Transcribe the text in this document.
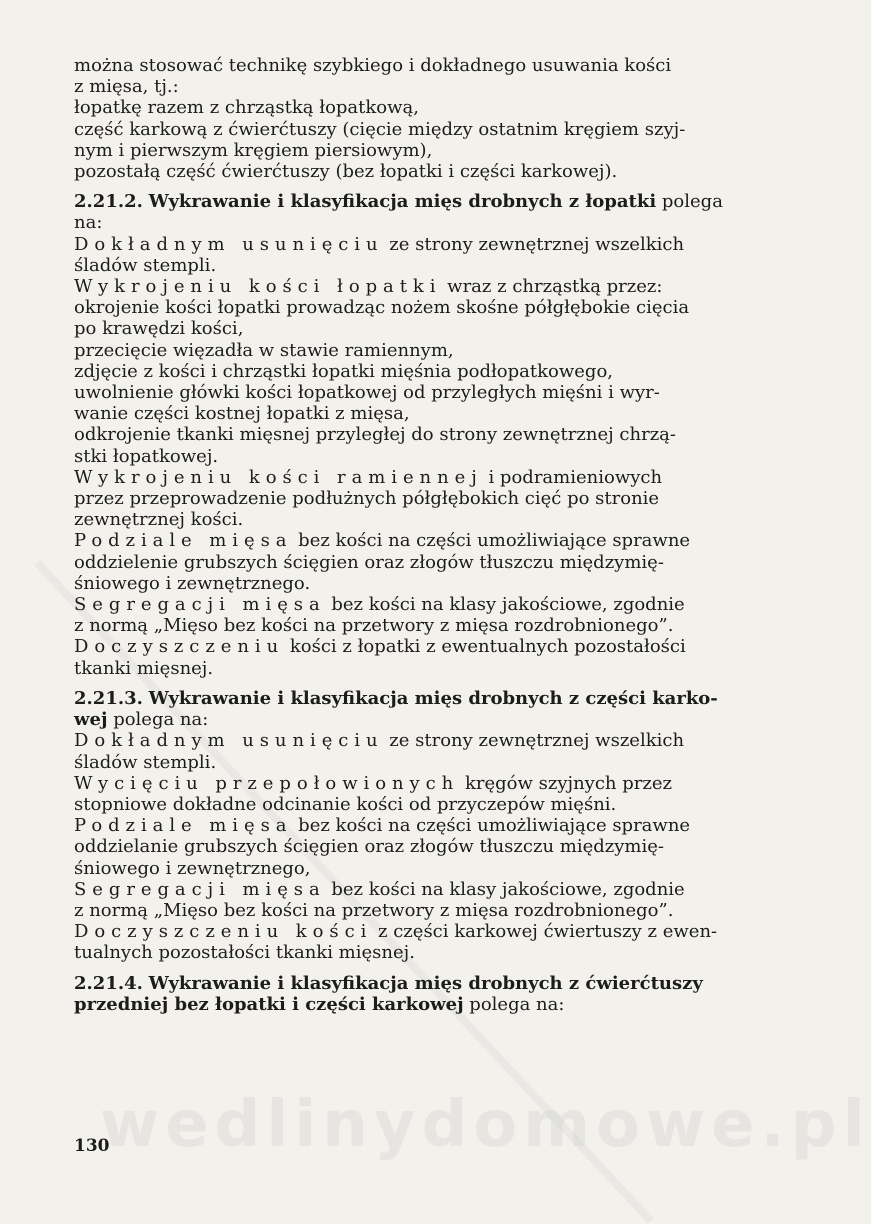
wedlinydomowe.pl
można stosować technikę szybkiego i dokładnego usuwania kości
z mięsa, tj.:
łopatkę razem z chrząstką łopatkową,
część karkową z ćwierćtuszy (cięcie między ostatnim kręgiem szyj-
nym i pierwszym kręgiem piersiowym),
pozostałą część ćwierćtuszy (bez łopatki i części karkowej).
2.21.2. Wykrawanie i klasyfikacja mięs drobnych z łopatki polega
na:
Dokładnym usunięciu ze strony zewnętrznej wszelkich
śladów stempli.
Wykrojeniu kości łopatki wraz z chrząstką przez:
okrojenie kości łopatki prowadząc nożem skośne półgłębokie cięcia
po krawędzi kości,
przecięcie więzadła w stawie ramiennym,
zdjęcie z kości i chrząstki łopatki mięśnia podłopatkowego,
uwolnienie główki kości łopatkowej od przyległych mięśni i wyr-
wanie części kostnej łopatki z mięsa,
odkrojenie tkanki mięsnej przyległej do strony zewnętrznej chrzą-
stki łopatkowej.
Wykrojeniu kości ramiennej i podramieniowych
przez przeprowadzenie podłużnych półgłębokich cięć po stronie
zewnętrznej kości.
Podziale mięsa bez kości na części umożliwiające sprawne
oddzielenie grubszych ścięgien oraz złogów tłuszczu międzymię-
śniowego i zewnętrznego.
Segregacji mięsa bez kości na klasy jakościowe, zgodnie
z normą „Mięso bez kości na przetwory z mięsa rozdrobnionego”.
Doczyszczeniu kości z łopatki z ewentualnych pozostałości
tkanki mięsnej.
2.21.3. Wykrawanie i klasyfikacja mięs drobnych z części karko-
wej polega na:
Dokładnym usunięciu ze strony zewnętrznej wszelkich
śladów stempli.
Wycięciu przepołowionych kręgów szyjnych przez
stopniowe dokładne odcinanie kości od przyczepów mięśni.
Podziale mięsa bez kości na części umożliwiające sprawne
oddzielanie grubszych ścięgien oraz złogów tłuszczu międzymię-
śniowego i zewnętrznego,
Segregacji mięsa bez kości na klasy jakościowe, zgodnie
z normą „Mięso bez kości na przetwory z mięsa rozdrobnionego”.
Doczyszczeniu kości z części karkowej ćwiertuszy z ewen-
tualnych pozostałości tkanki mięsnej.
2.21.4. Wykrawanie i klasyfikacja mięs drobnych z ćwierćtuszy
przedniej bez łopatki i części karkowej polega na:
130
